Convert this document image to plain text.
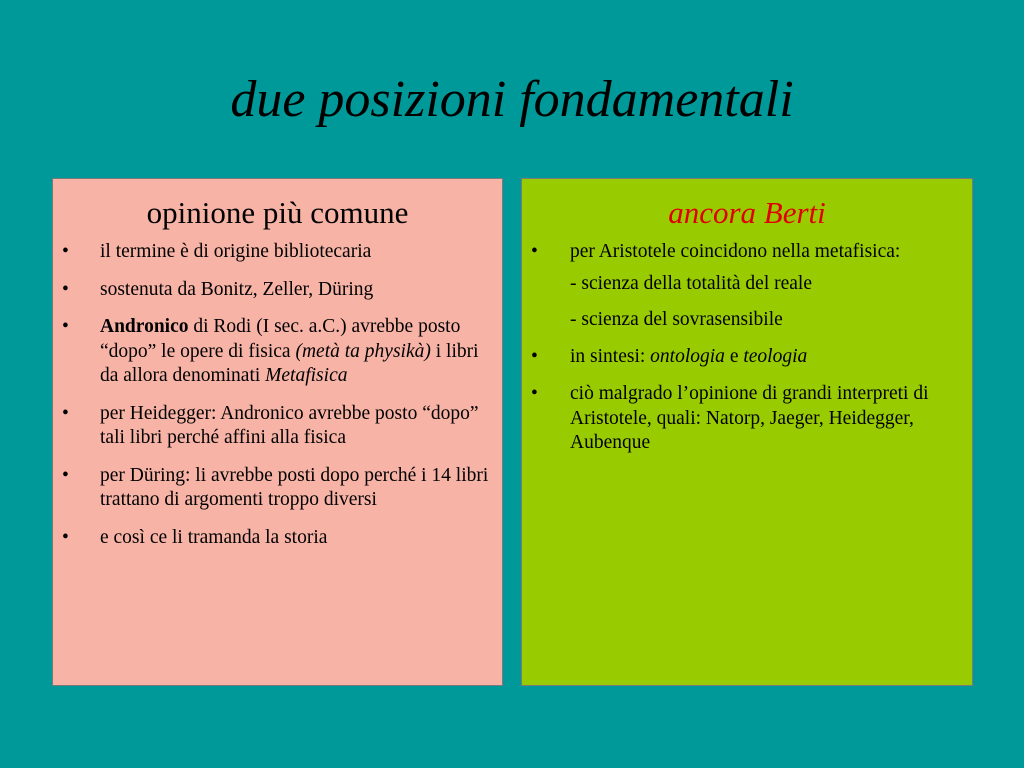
due posizioni fondamentali
opinione più comune
• il termine è di origine bibliotecaria
• sostenuta da Bonitz, Zeller, Düring
• Andronico di Rodi (I sec. a.C.) avrebbe posto “dopo” le opere di fisica (metà ta physikà) i libri da allora denominati Metafisica
• per Heidegger: Andronico avrebbe posto “dopo” tali libri perché affini alla fisica
• per Düring: li avrebbe posti dopo perché i 14 libri trattano di argomenti troppo diversi
• e così ce li tramanda la storia
ancora Berti
• per Aristotele coincidono nella metafisica:
- scienza della totalità del reale
- scienza del sovrasensibile
• in sintesi: ontologia e teologia
• ciò malgrado l’opinione di grandi interpreti di Aristotele, quali: Natorp, Jaeger, Heidegger, Aubenque
